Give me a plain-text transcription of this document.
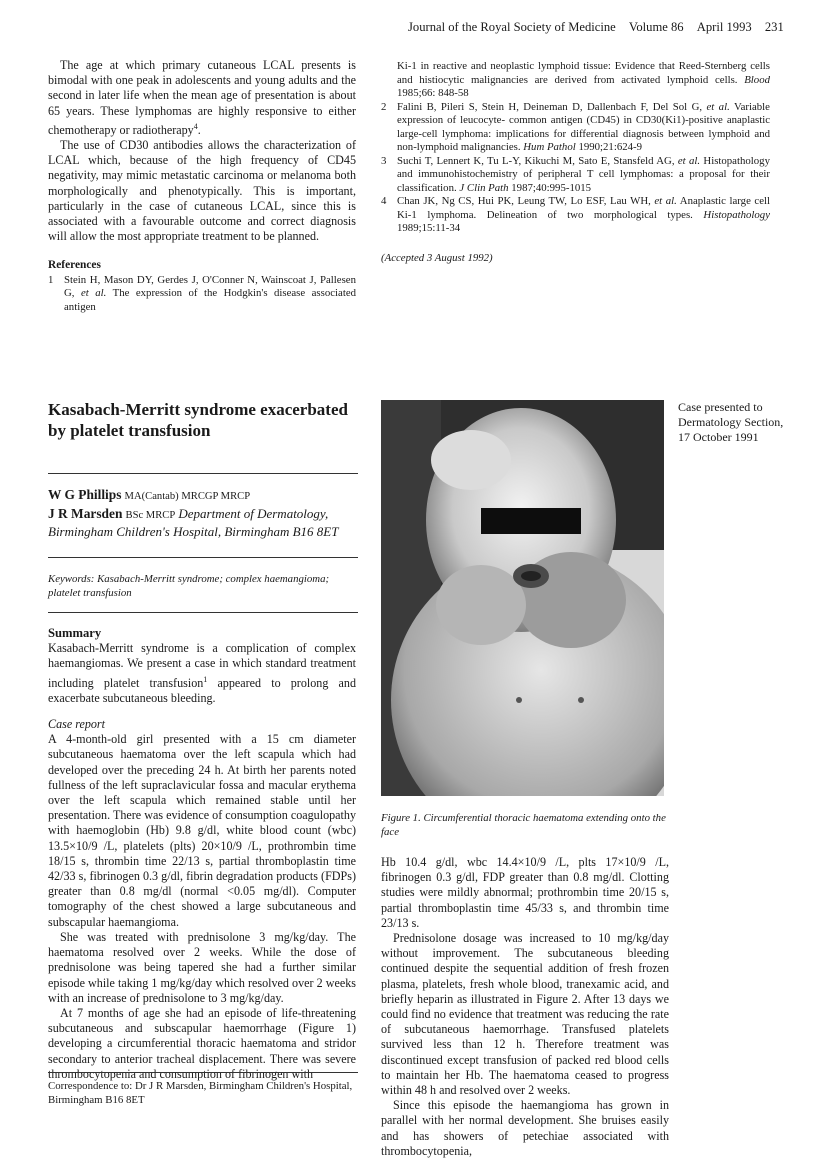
Journal of the Royal Society of Medicine Volume 86 April 1993 231

The age at which primary cutaneous LCAL presents is bimodal with one peak in adolescents and young adults and the second in later life when the mean age of presentation is about 65 years. These lymphomas are highly responsive to either chemotherapy or radiotherapy$^4$.

The use of CD30 antibodies allows the characterization of LCAL which, because of the high frequency of CD45 negativity, may mimic metastatic carcinoma or melanoma both morphologically and phenotypically. This is important, particularly in the case of cutaneous LCAL, since this is associated with a favourable outcome and correct diagnosis will allow the most appropriate treatment to be planned.

References
1 Stein H, Mason DY, Gerdes J, O'Conner N, Wainscoat J, Pallesen G, et al. The expression of the Hodgkin's disease associated antigen
Ki-1 in reactive and neoplastic lymphoid tissue: Evidence that Reed-Sternberg cells and histiocytic malignancies are derived from activated lymphoid cells. Blood 1985;66: 848-58
2 Falini B, Pileri S, Stein H, Deineman D, Dallenbach F, Del Sol G, et al. Variable expression of leucocyte- common antigen (CD45) in CD30(Ki1)-positive anaplastic large-cell lymphoma: implications for differential diagnosis between lymphoid and non-lymphoid malignancies. Hum Pathol 1990;21:624-9
3 Suchi T, Lennert K, Tu L-Y, Kikuchi M, Sato E, Stansfeld AG, et al. Histopathology and immunohistochemistry of peripheral T cell lymphomas: a proposal for their classification. J Clin Path 1987;40:995-1015
4 Chan JK, Ng CS, Hui PK, Leung TW, Lo ESF, Lau WH, et al. Anaplastic large cell Ki-1 lymphoma. Delineation of two morphological types. Histopathology 1989;15:11-34
(Accepted 3 August 1992)
Kasabach-Merritt syndrome exacerbated by platelet transfusion
Case presented to Dermatology Section, 17 October 1991
W G Phillips MA(Cantab) MRCGP MRCP
J R Marsden BSc MRCP Department of Dermatology, Birmingham Children's Hospital, Birmingham B16 8ET
Keywords: Kasabach-Merritt syndrome; complex haemangioma; platelet transfusion
Summary

Kasabach-Merritt syndrome is a complication of complex haemangiomas. We present a case in which standard treatment including platelet transfusion$^1$ appeared to prolong and exacerbate subcutaneous bleeding.

Case report

A 4-month-old girl presented with a 15 cm diameter subcutaneous haematoma over the left scapula which had developed over the preceding 24 h. At birth her parents noted fullness of the left supraclavicular fossa and macular erythema over the left scapula which remained stable until her presentation. There was evidence of consumption coagulopathy with haemoglobin (Hb) 9.8 g/dl, white blood count (wbc) 13.5×10/9 /L, platelets (plts) 20×10/9 /L, prothrombin time 18/15 s, thrombin time 22/13 s, partial thromboplastin time 42/33 s, fibrinogen 0.3 g/dl, fibrin degradation products (FDPs) greater than 0.8 mg/dl (normal <0.05 mg/dl). Computer tomography of the chest showed a large subcutaneous and subscapular haemangioma.

She was treated with prednisolone 3 mg/kg/day. The haematoma resolved over 2 weeks. While the dose of prednisolone was being tapered she had a further similar episode while taking 1 mg/kg/day which resolved over 2 weeks with an increase of prednisolone to 3 mg/kg/day.

At 7 months of age she had an episode of life-threatening subcutaneous and subscapular haemorrhage (Figure 1) developing a circumferential thoracic haematoma and stridor secondary to anterior tracheal displacement. There was severe thrombocytopenia and consumption of fibrinogen with

Figure 1. Circumferential thoracic haematoma extending onto the face

Hb 10.4 g/dl, wbc 14.4×10/9 /L, plts 17×10/9 /L, fibrinogen 0.3 g/dl, FDP greater than 0.8 mg/dl. Clotting studies were mildly abnormal; prothrombin time 20/15 s, partial thromboplastin time 45/33 s, and thrombin time 23/13 s.

Prednisolone dosage was increased to 10 mg/kg/day without improvement. The subcutaneous bleeding continued despite the sequential addition of fresh frozen plasma, platelets, fresh whole blood, tranexamic acid, and briefly heparin as illustrated in Figure 2. After 13 days we could find no evidence that treatment was reducing the rate of subcutaneous haemorrhage. Transfused platelets survived less than 12 h. Therefore treatment was discontinued except transfusion of packed red blood cells to maintain her Hb. The haematoma ceased to progress within 48 h and resolved over 2 weeks.

Since this episode the haemangioma has grown in parallel with her normal development. She bruises easily and has showers of petechiae associated with thrombocytopenia,

Correspondence to: Dr J R Marsden, Birmingham Children's Hospital, Birmingham B16 8ET
